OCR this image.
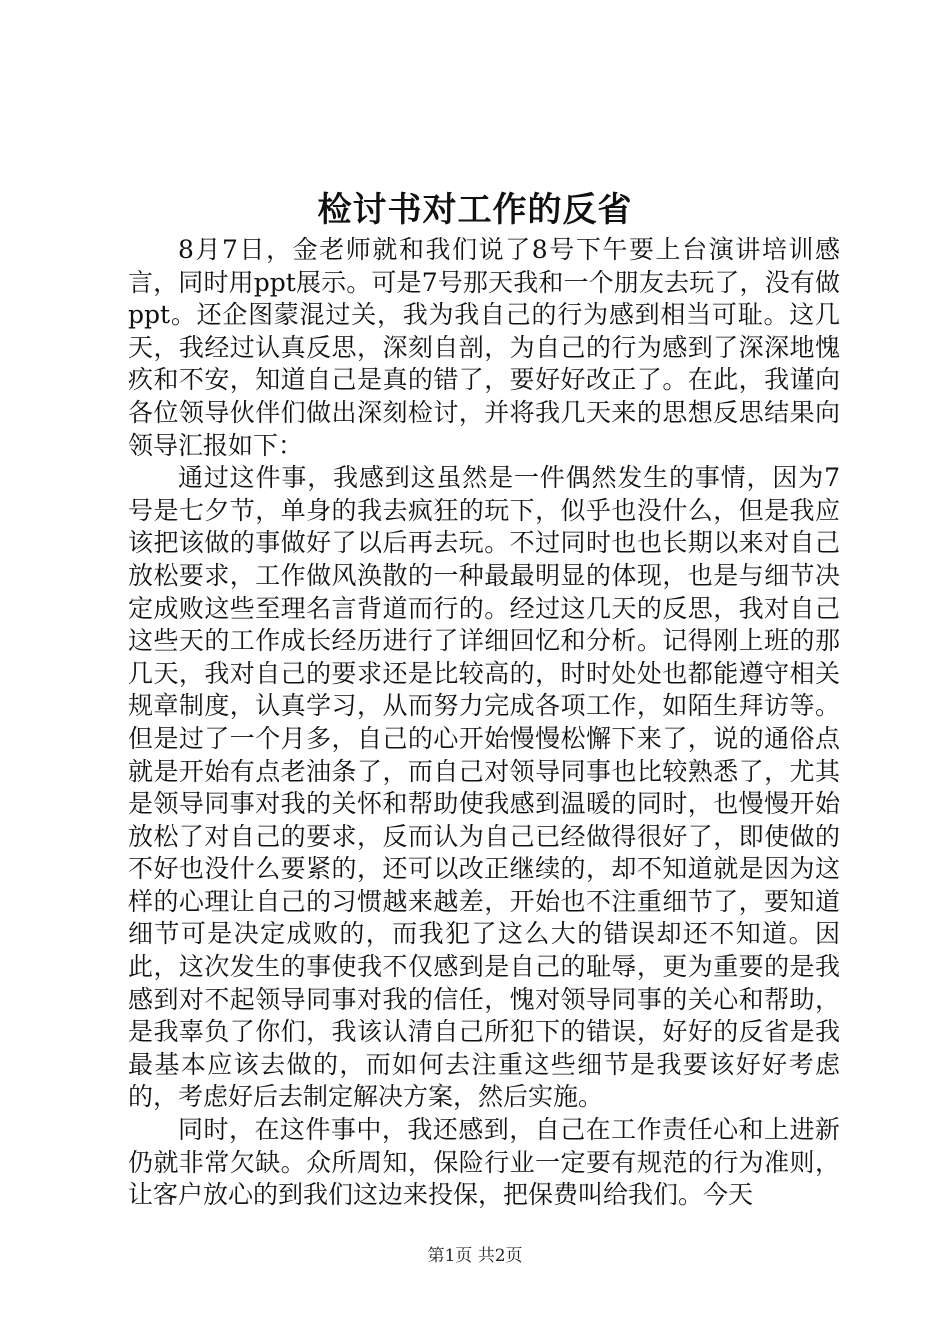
检讨书对工作的反省

8月7日，金老师就和我们说了8号下午要上台演讲培训感言，同时用ppt展示。可是7号那天我和一个朋友去玩了，没有做ppt。还企图蒙混过关，我为我自己的行为感到相当可耻。这几天，我经过认真反思，深刻自剖，为自己的行为感到了深深地愧疚和不安，知道自己是真的错了，要好好改正了。在此，我谨向各位领导伙伴们做出深刻检讨，并将我几天来的思想反思结果向领导汇报如下：

通过这件事，我感到这虽然是一件偶然发生的事情，因为7号是七夕节，单身的我去疯狂的玩下，似乎也没什么，但是我应该把该做的事做好了以后再去玩。不过同时也也长期以来对自己放松要求，工作做风涣散的一种最最明显的体现，也是与细节决定成败这些至理名言背道而行的。经过这几天的反思，我对自己这些天的工作成长经历进行了详细回忆和分析。记得刚上班的那几天，我对自己的要求还是比较高的，时时处处也都能遵守相关规章制度，认真学习，从而努力完成各项工作，如陌生拜访等。但是过了一个月多，自己的心开始慢慢松懈下来了，说的通俗点就是开始有点老油条了，而自己对领导同事也比较熟悉了，尤其是领导同事对我的关怀和帮助使我感到温暖的同时，也慢慢开始放松了对自己的要求，反而认为自己已经做得很好了，即使做的不好也没什么要紧的，还可以改正继续的，却不知道就是因为这样的心理让自己的习惯越来越差，开始也不注重细节了，要知道细节可是决定成败的，而我犯了这么大的错误却还不知道。因此，这次发生的事使我不仅感到是自己的耻辱，更为重要的是我感到对不起领导同事对我的信任，愧对领导同事的关心和帮助，是我辜负了你们，我该认清自己所犯下的错误，好好的反省是我最基本应该去做的，而如何去注重这些细节是我要该好好考虑的，考虑好后去制定解决方案，然后实施。

同时，在这件事中，我还感到，自己在工作责任心和上进新仍就非常欠缺。众所周知，保险行业一定要有规范的行为准则，让客户放心的到我们这边来投保，把保费叫给我们。今天

第1页 共2页
